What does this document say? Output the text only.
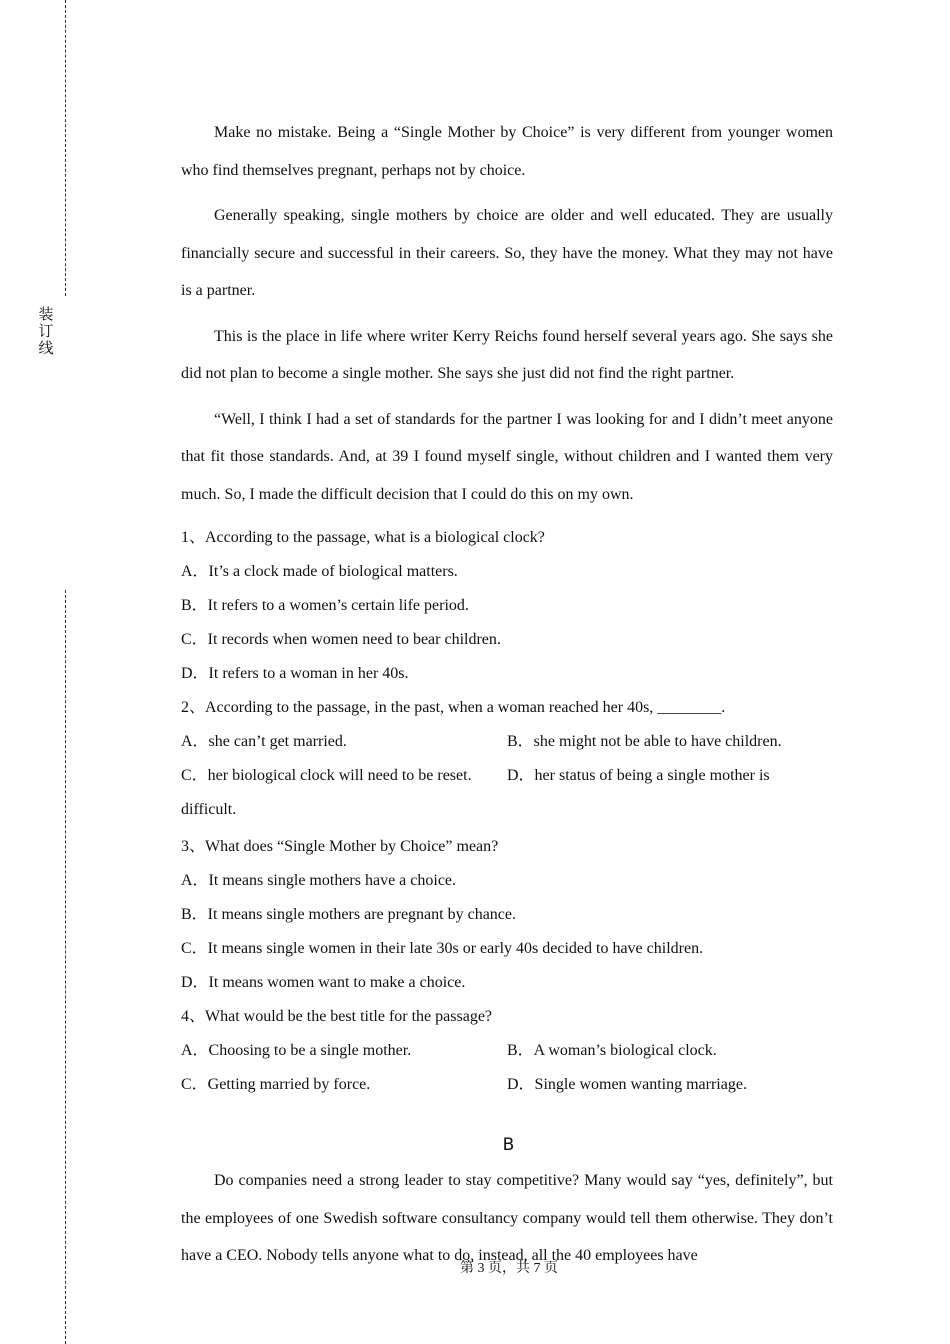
装
订
线

Make no mistake. Being a “Single Mother by Choice” is very different from younger women who find themselves pregnant, perhaps not by choice.

Generally speaking, single mothers by choice are older and well educated. They are usually financially secure and successful in their careers. So, they have the money. What they may not have is a partner.

This is the place in life where writer Kerry Reichs found herself several years ago. She says she did not plan to become a single mother. She says she just did not find the right partner.

“Well, I think I had a set of standards for the partner I was looking for and I didn’t meet anyone that fit those standards. And, at 39 I found myself single, without children and I wanted them very much. So, I made the difficult decision that I could do this on my own.

1、According to the passage, what is a biological clock?
A．It’s a clock made of biological matters.
B．It refers to a women’s certain life period.
C．It records when women need to bear children.
D．It refers to a woman in her 40s.
2、According to the passage, in the past, when a woman reached her 40s, ________.
A．she can’t get married.	B．she might not be able to have children.
C．her biological clock will need to be reset.	D．her status of being a single mother is
difficult.
3、What does “Single Mother by Choice” mean?
A．It means single mothers have a choice.
B．It means single mothers are pregnant by chance.
C．It means single women in their late 30s or early 40s decided to have children.
D．It means women want to make a choice.
4、What would be the best title for the passage?
A．Choosing to be a single mother.	B．A woman’s biological clock.
C．Getting married by force.	D．Single women wanting marriage.
B

Do companies need a strong leader to stay competitive? Many would say “yes, definitely”, but the employees of one Swedish software consultancy company would tell them otherwise. They don’t have a CEO. Nobody tells anyone what to do, instead, all the 40 employees have

第 3 页，共 7 页
